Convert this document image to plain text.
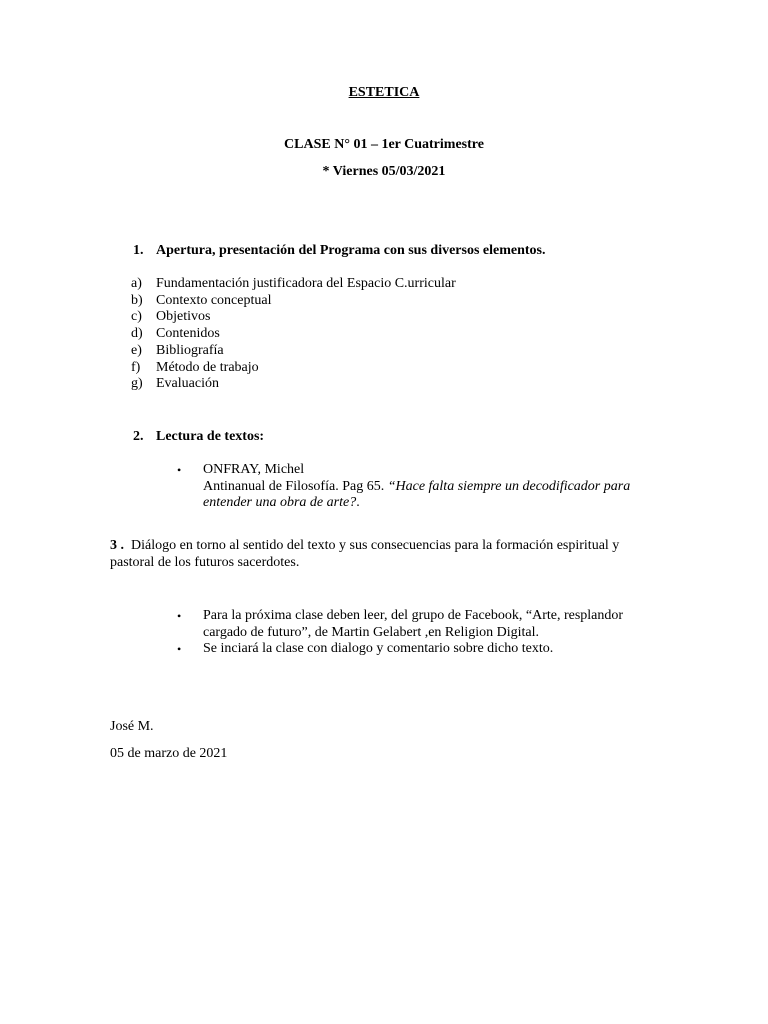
ESTETICA
CLASE N° 01 – 1er Cuatrimestre
* Viernes 05/03/2021
1. Apertura, presentación del Programa con sus diversos elementos.
a)
b)
c)
d)
e)
f)
g)
Fundamentación justificadora del Espacio C.urricular
Contexto conceptual
Objetivos
Contenidos
Bibliografía
Método de trabajo
Evaluación
2. Lectura de textos:
• ONFRAY, Michel
Antinanual de Filosofía. Pag 65. “Hace falta siempre un decodificador para
entender una obra de arte?.
3 . Diálogo en torno al sentido del texto y sus consecuencias para la formación espiritual y
pastoral de los futuros sacerdotes.
• Para la próxima clase deben leer, del grupo de Facebook, “Arte, resplandor
cargado de futuro”, de Martin Gelabert ,en Religion Digital.
• Se inciará la clase con dialogo y comentario sobre dicho texto.
José M.
05 de marzo de 2021
